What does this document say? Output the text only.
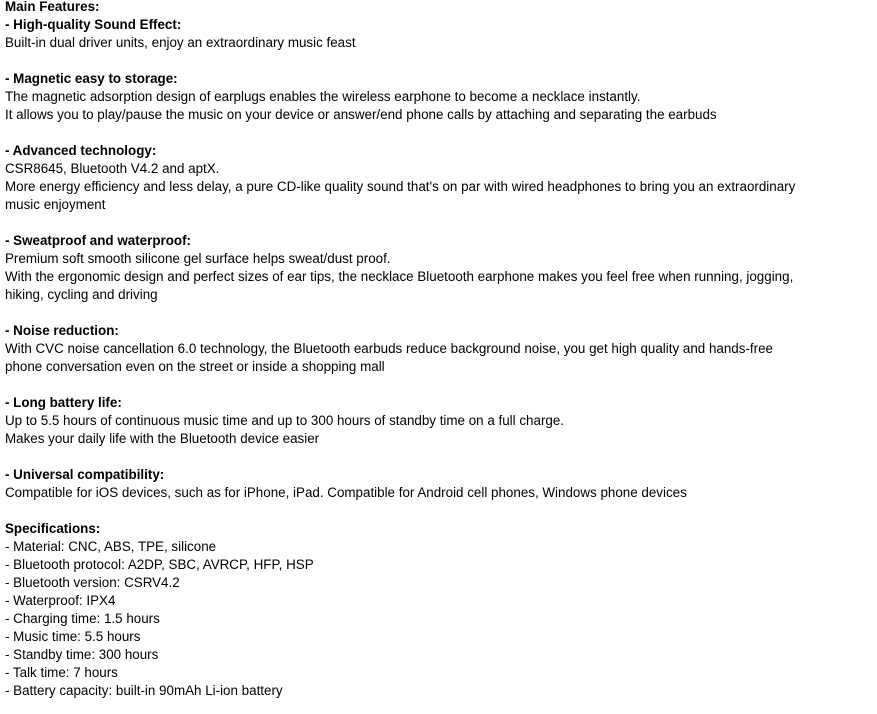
Main Features:
- High-quality Sound Effect:
Built-in dual driver units, enjoy an extraordinary music feast
- Magnetic easy to storage:
The magnetic adsorption design of earplugs enables the wireless earphone to become a necklace instantly.
It allows you to play/pause the music on your device or answer/end phone calls by attaching and separating the earbuds
- Advanced technology:
CSR8645, Bluetooth V4.2 and aptX.
More energy efficiency and less delay, a pure CD-like quality sound that's on par with wired headphones to bring you an extraordinary
music enjoyment
- Sweatproof and waterproof:
Premium soft smooth silicone gel surface helps sweat/dust proof.
With the ergonomic design and perfect sizes of ear tips, the necklace Bluetooth earphone makes you feel free when running, jogging,
hiking, cycling and driving
- Noise reduction:
With CVC noise cancellation 6.0 technology, the Bluetooth earbuds reduce background noise, you get high quality and hands-free
phone conversation even on the street or inside a shopping mall
- Long battery life:
Up to 5.5 hours of continuous music time and up to 300 hours of standby time on a full charge.
Makes your daily life with the Bluetooth device easier
- Universal compatibility:
Compatible for iOS devices, such as for iPhone, iPad. Compatible for Android cell phones, Windows phone devices
Specifications:
- Material: CNC, ABS, TPE, silicone
- Bluetooth protocol: A2DP, SBC, AVRCP, HFP, HSP
- Bluetooth version: CSRV4.2
- Waterproof: IPX4
- Charging time: 1.5 hours
- Music time: 5.5 hours
- Standby time: 300 hours
- Talk time: 7 hours
- Battery capacity: built-in 90mAh Li-ion battery
